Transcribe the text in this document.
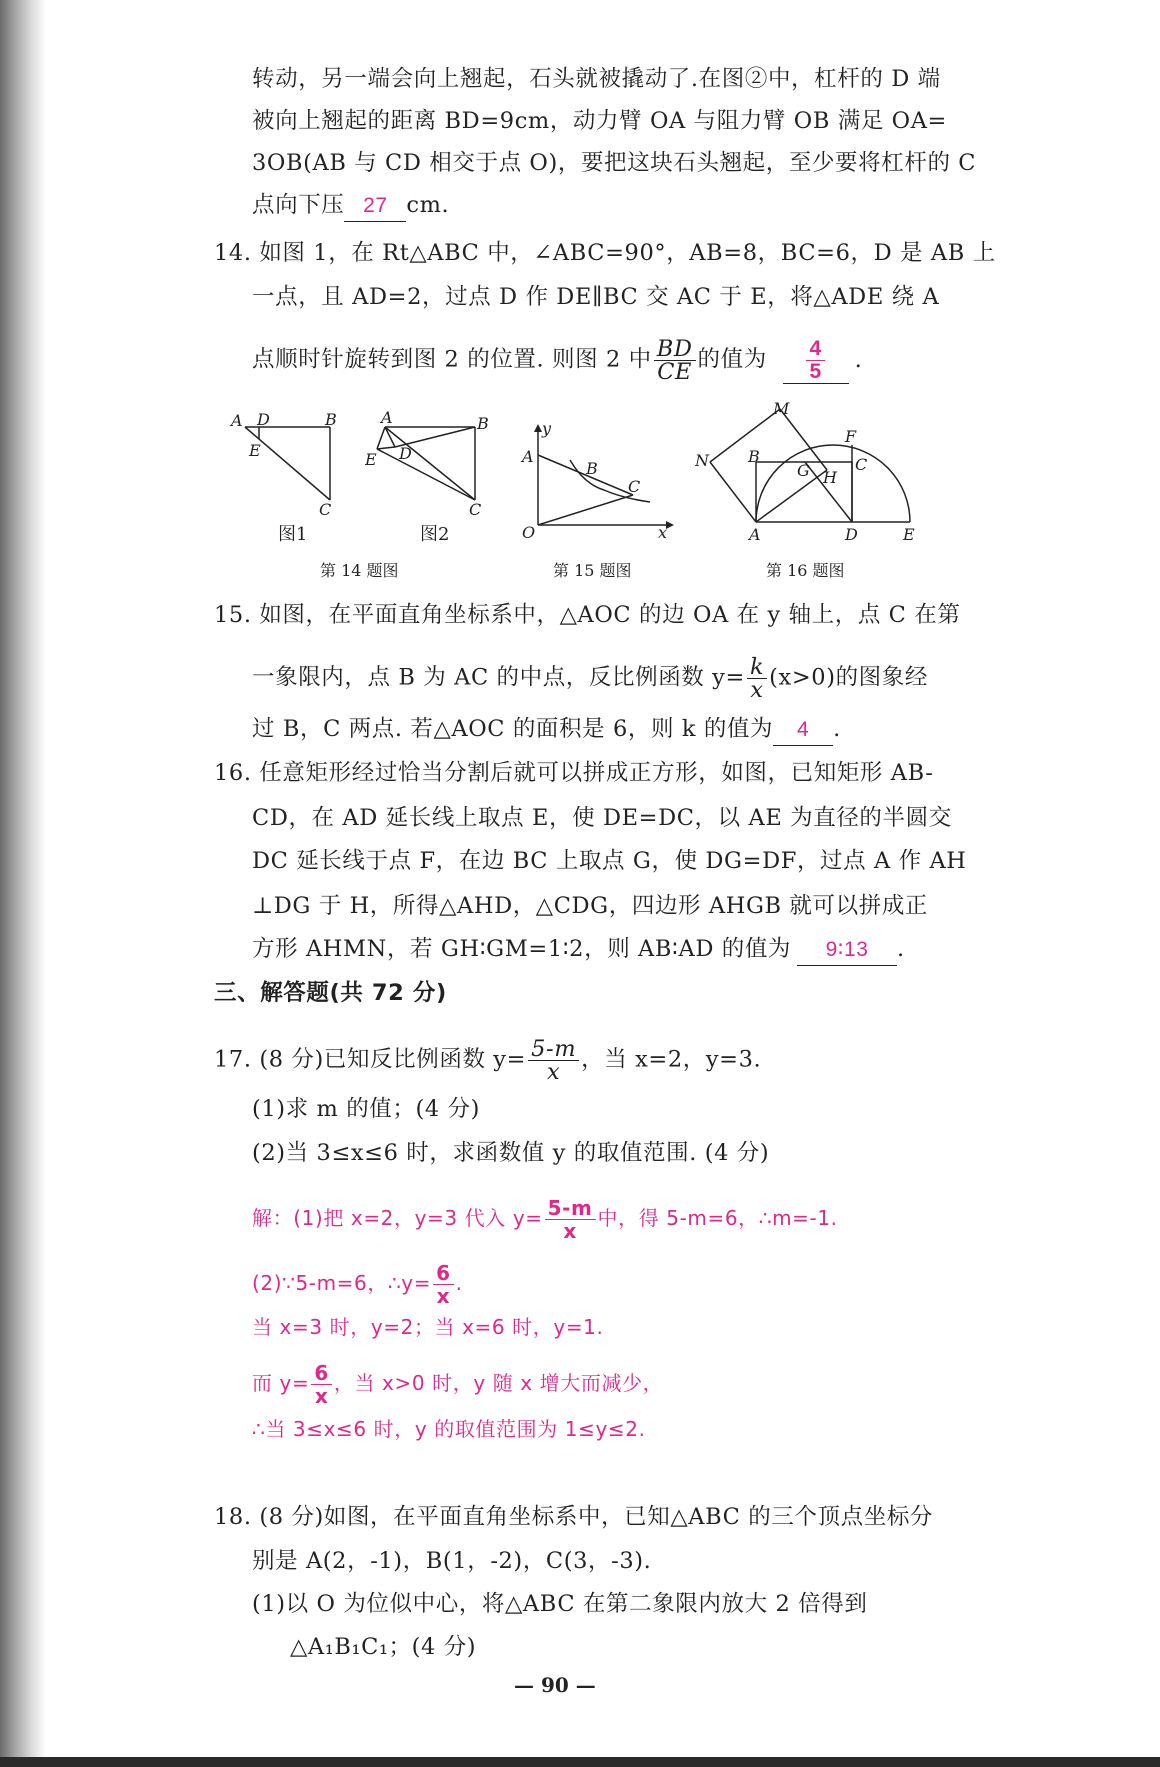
转动，另一端会向上翘起，石头就被撬动了.在图②中，杠杆的 D 端
被向上翘起的距离 BD=9cm，动力臂 OA 与阻力臂 OB 满足 OA=
3OB(AB 与 CD 相交于点 O)，要把这块石头翘起，至少要将杠杆的 C
点向下压 27 cm.
14. 如图 1，在 Rt△ABC 中，∠ABC=90°，AB=8，BC=6，D 是 AB 上
一点，且 AD=2，过点 D 作 DE∥BC 交 AC 于 E，将△ADE 绕 A
点顺时针旋转到图 2 的位置. 则图 2 中 $\frac{BD}{CE}$ 的值为 $\frac{4}{5}$ .
A D	B
E
C
图1
A	B
E D
C
图2
A
y
B
C
O	x
M
F
N B
G H
C
A	D	E
第 14 题图	第 15 题图	第 16 题图
15. 如图，在平面直角坐标系中，△AOC 的边 OA 在 y 轴上，点 C 在第
一象限内，点 B 为 AC 的中点，反比例函数 $y= \frac{k}{x} (x>0)$的图象经
过 B，C 两点. 若△AOC 的面积是 6，则 k 的值为 4 .
16. 任意矩形经过恰当分割后就可以拼成正方形，如图，已知矩形 AB-
CD，在 AD 延长线上取点 E，使 DE=DC，以 AE 为直径的半圆交
DC 延长线于点 F，在边 BC 上取点 G，使 DG=DF，过点 A 作 AH
⊥DG 于 H，所得△AHD，△CDG，四边形 AHGB 就可以拼成正
方形 AHMN，若 GH∶GM=1∶2，则 AB∶AD 的值为 9∶13 .
三、解答题(共 72 分)
17. (8 分)已知反比例函数 $y= \frac{5-m}{x}$ ，当 x=2，y=3.
(1)求 m 的值；(4 分)
(2)当 3≤x≤6 时，求函数值 y 的取值范围. (4 分)
解：(1)把 x=2，y=3 代入 $y= \frac{5-m}{x}$ 中，得 5-m=6，∴m=-1.
(2)∵5-m=6，∴y= $\frac{6}{x}$ .
当 x=3 时，y=2；当 x=6 时，y=1.
而 $y= \frac{6}{x}$ ，当 x>0 时，y 随 x 增大而减少，
∴当 3≤x≤6 时，y 的取值范围为 1≤y≤2.
18. (8 分)如图，在平面直角坐标系中，已知△ABC 的三个顶点坐标分
别是 A(2，-1)，B(1，-2)，C(3，-3).
(1)以 O 为位似中心，将△ABC 在第二象限内放大 2 倍得到
△A₁B₁C₁；(4 分)
— 90 —
